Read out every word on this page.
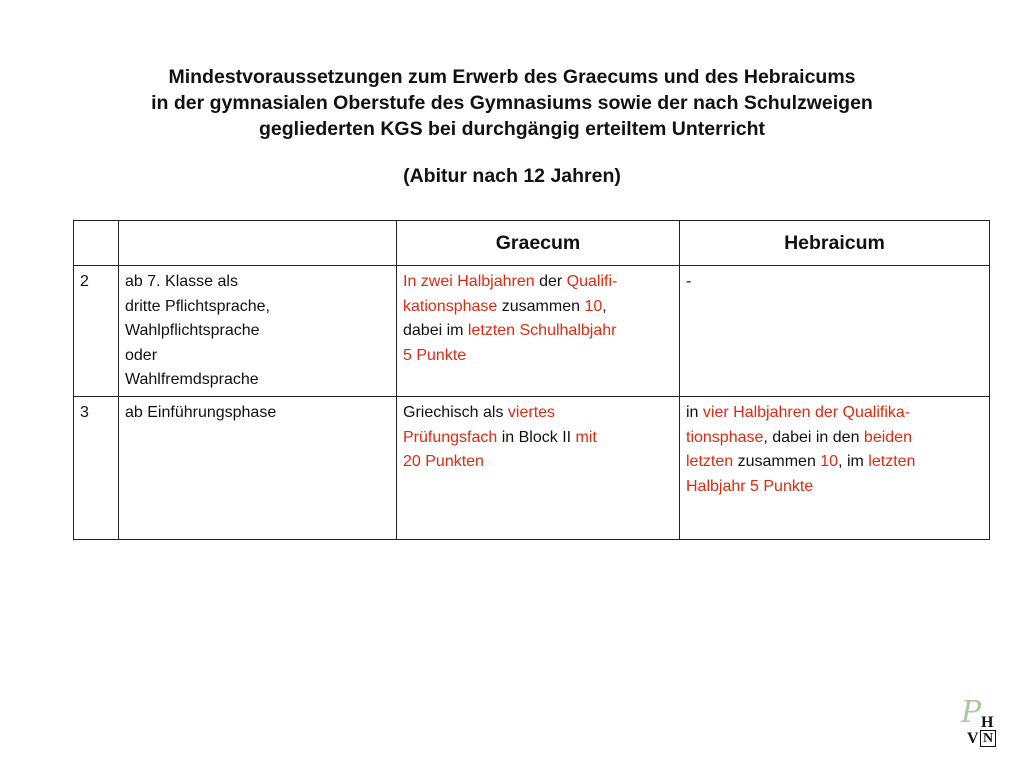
Mindestvoraussetzungen zum Erwerb des Graecums und des Hebraicums
in der gymnasialen Oberstufe des Gymnasiums sowie der nach Schulzweigen
gegliederten KGS bei durchgängig erteiltem Unterricht
(Abitur nach 12 Jahren)
		Graecum	Hebraicum
2	ab 7. Klasse als
dritte Pflichtsprache,
Wahlpflichtsprache
oder
Wahlfremdsprache	In zwei Halbjahren der Qualifi-
kationsphase zusammen 10,
dabei im letzten Schulhalbjahr
5 Punkte	-
3	ab Einführungsphase	Griechisch als viertes
Prüfungsfach in Block II mit
20 Punkten	in vier Halbjahren der Qualifika-
tionsphase, dabei in den beiden
letzten zusammen 10, im letzten
Halbjahr 5 Punkte
P H
V N
